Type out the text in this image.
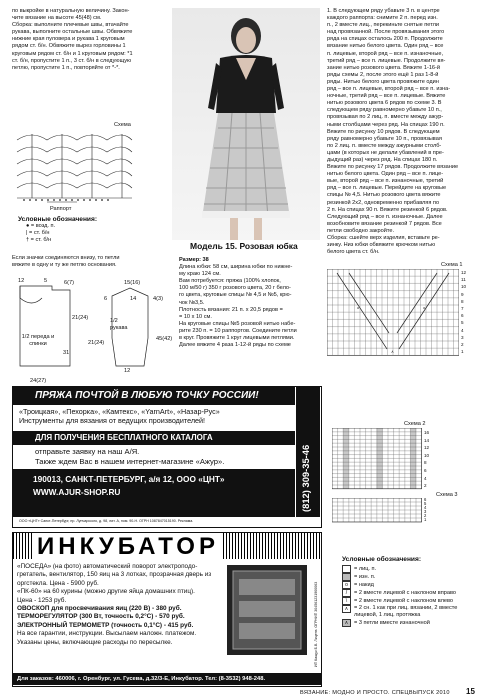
по выкройке в натуральную величину. Закон-
чите вязание на высоте 45(48) см.
Сборка: выполните плечевые швы, втачайте
рукава, выполните остальные швы. Обвяжите
нижние края пуловера и рукава 1 круговым
рядом ст. б/н. Обвяжите вырез горловины 1
круговым рядом ст. б/н и 1 круговым рядом: *1
ст. б/н, пропустите 1 п., 3 ст. б/н в следующую
петлю, пропустите 1 п., повторяйте от *-*.
Схема
Раппорт
Условные обозначения:
● = возд. п.
| = ст. б/н
† = ст. б/н
Если значки соединяются внизу, то петли
вяжите в одну и ту же петлю основания.
12	5	6(7)
4(3)
15(16)
21(24)
21(24)
45(42)
31
12
6	14
24(27)
1/2 переда и спинки
1/2 рукава
Модель 15. Розовая юбка
Размер: 38
Длина юбки: 58 см, ширина юбки по нижне-
му краю 124 см.
Вам потребуется: пряжа (100% хлопок,
100 м/50 г) 350 г розового цвета, 20 г бело-
го цвета, круговые спицы № 4,5 и №5, крю-
чок №3,5.
Плотность вязания: 21 п. х 20,5 рядов =
= 10 х 10 см.
На круговые спицы №5 розовой нитью набе-
рите 230 п. = 10 раппортов. Соедините петли
в круг. Провяжите 1 круг лицевыми петлями.
Далее вяжите 4 раза 1-12-й ряды по схеме
1. В следующем ряду убавьте 3 п. в центре
каждого раппорта: снимите 2 п. перед изн.
п., 2 вместе лиц., перекиньте снятые петли
над провязанной. После провязывания этого
ряда на спицах осталось 200 п. Продолжите
вязание нитью белого цвета. Один ряд – все
п. лицевые, второй ряд – все п. изнаночные,
третий ряд – все п. лицевые. Продолжите вя-
зание нитью розового цвета. Вяжите 1-16-й
ряды схемы 2, после этого ещё 1 раз 1-8-й
ряды. Нитью белого цвета провяжите один
ряд – все п. лицевые, второй ряд – все п. изна-
ночные, третий ряд – все п. лицевые. Вяжите
нитью розового цвета 6 рядов по схеме 3. В
следующем ряду равномерно убавьте 10 п.,
провязывая по 2 лиц. п. вместе между ажур-
ными столбцами через ряд. На спицах 190 п.
Вяжите по рисунку 10 рядов. В следующем
ряду равномерно убавьте 10 п., провязывая
по 2 лиц. п. вместе между ажурными столб-
цами (в которых не делали убавлений в пре-
дыдущий раз) через ряд. На спицах 180 п.
Вяжите по рисунку 17 рядов. Продолжите вязание
нитью белого цвета. Один ряд – все п. лице-
вые, второй ряд – все п. изнаночные, третий
ряд – все п. лицевые. Перейдите на круговые
спицы № 4,5. Нитью розового цвета вяжите
резинкой 2х2, одновременно прибавляя по
2 п. На спицах 90 п. Вяжите резинкой 6 рядов.
Следующий ряд – все п. изнаночные. Далее
возобновите вязание резинкой 7 рядов. Все
петли свободно закройте.
Сборка: сшейте верх изделия, вставьте ре-
зинку. Низ юбки обвяжите крючком нитью
белого цвета ст. б/н.
Схема 1
∧
o	o
12
11
10
9
8
7
6
5
4
3
2
1
Схема 2
16
14
12
10
8
6
4
2
Схема 3
6
5
4
3
2
1
Условные обозначения:
= лиц. п.
= изн. п.
o	= накид
/	= 2 вместе лицевой с наклоном вправо
\	= 2 вместе лицевой с наклоном влево
∧	= 2 сн. 1 как при лиц. вязании, 2 вместе лицевой, 1 лиц. протяжка
∧	= 3 петли вместе изнаночной
ПРЯЖА ПОЧТОЙ В ЛЮБУЮ ТОЧКУ РОССИИ!
«Троицкая», «Пехорка», «Камтекс», «YarnArt», «Назар-Рус»
Инструменты для вязания от ведущих производителей!
ДЛЯ ПОЛУЧЕНИЯ БЕСПЛАТНОГО КАТАЛОГА
отправьте заявку на наш А/Я.
Также ждем Вас в нашем интернет-магазине «Ажур».
190013, САНКТ-ПЕТЕРБУРГ, а/я 12, ООО «ЦНТ»
WWW.AJUR-SHOP.RU
ООО «ЦНТ» Санкт-Петербург, пр. Лунчарского, д. 98, лит. А, пом. 90-Н. ОГРН 1087847015190. Реклама.
(812) 309-35-46
ИНКУБАТОР
«ПОСЕДА» (на фото) автоматический поворот электроподо-
гретатель, вентилятор, 150 яиц на 3 лотках, прозрачная дверь из
оргстекла. Цена - 5900 руб.
«ПК-60» на 60 курины (можно другие яйца домашних птиц).
Цена - 1253 руб.
ОВОСКОП для просвечивания яиц (220 В) - 380 руб.
ТЕРМОРЕГУЛЯТОР (300 Вт, точность 0,2°С) - 570 руб.
ЭЛЕКТРОННЫЙ ТЕРМОМЕТР (точность 0,1°С) - 415 руб.
На все гарантии, инструкции. Высылаем наложн. платежом.
Указаны цены, включающие расходы по пересылке.
Для заказов: 460006, г. Оренбург, ул. Гусева, д.32/3-Е, Инкубатор. Тел: (8-3532) 948-248.
ИП Кащук Б.В. Лиценз. ОГРНИП 304561231900063
ВЯЗАНИЕ: МОДНО И ПРОСТО. СПЕЦВЫПУСК 2010 15
